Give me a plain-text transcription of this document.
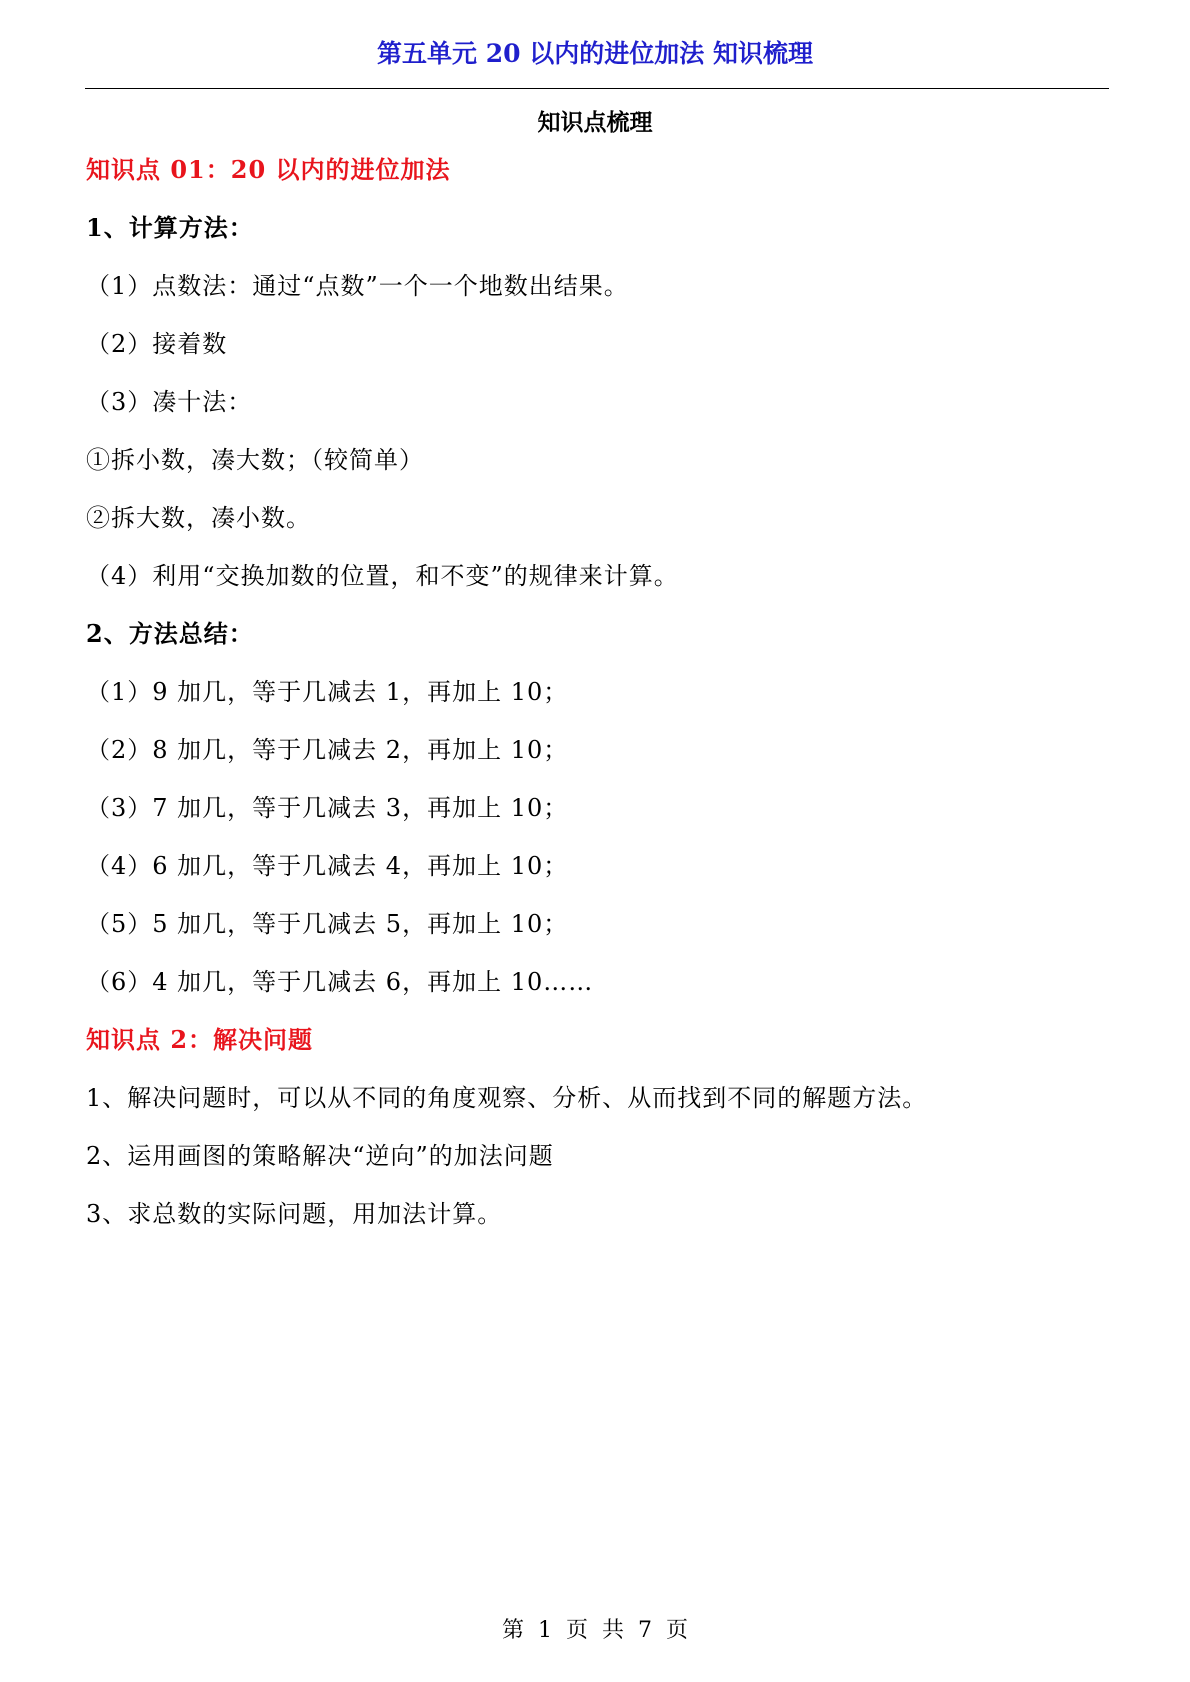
第五单元 20 以内的进位加法 知识梳理
知识点梳理
知识点 01：20 以内的进位加法
1、计算方法：
（1）点数法：通过“点数”一个一个地数出结果。
（2）接着数
（3）凑十法：
①拆小数，凑大数；（较简单）
②拆大数，凑小数。
（4）利用“交换加数的位置，和不变”的规律来计算。
2、方法总结：
（1）9 加几，等于几减去 1，再加上 10；
（2）8 加几，等于几减去 2，再加上 10；
（3）7 加几，等于几减去 3，再加上 10；
（4）6 加几，等于几减去 4，再加上 10；
（5）5 加几，等于几减去 5，再加上 10；
（6）4 加几，等于几减去 6，再加上 10……
知识点 2：解决问题
1、解决问题时，可以从不同的角度观察、分析、从而找到不同的解题方法。
2、运用画图的策略解决“逆向”的加法问题
3、求总数的实际问题，用加法计算。
第  1  页  共  7  页
